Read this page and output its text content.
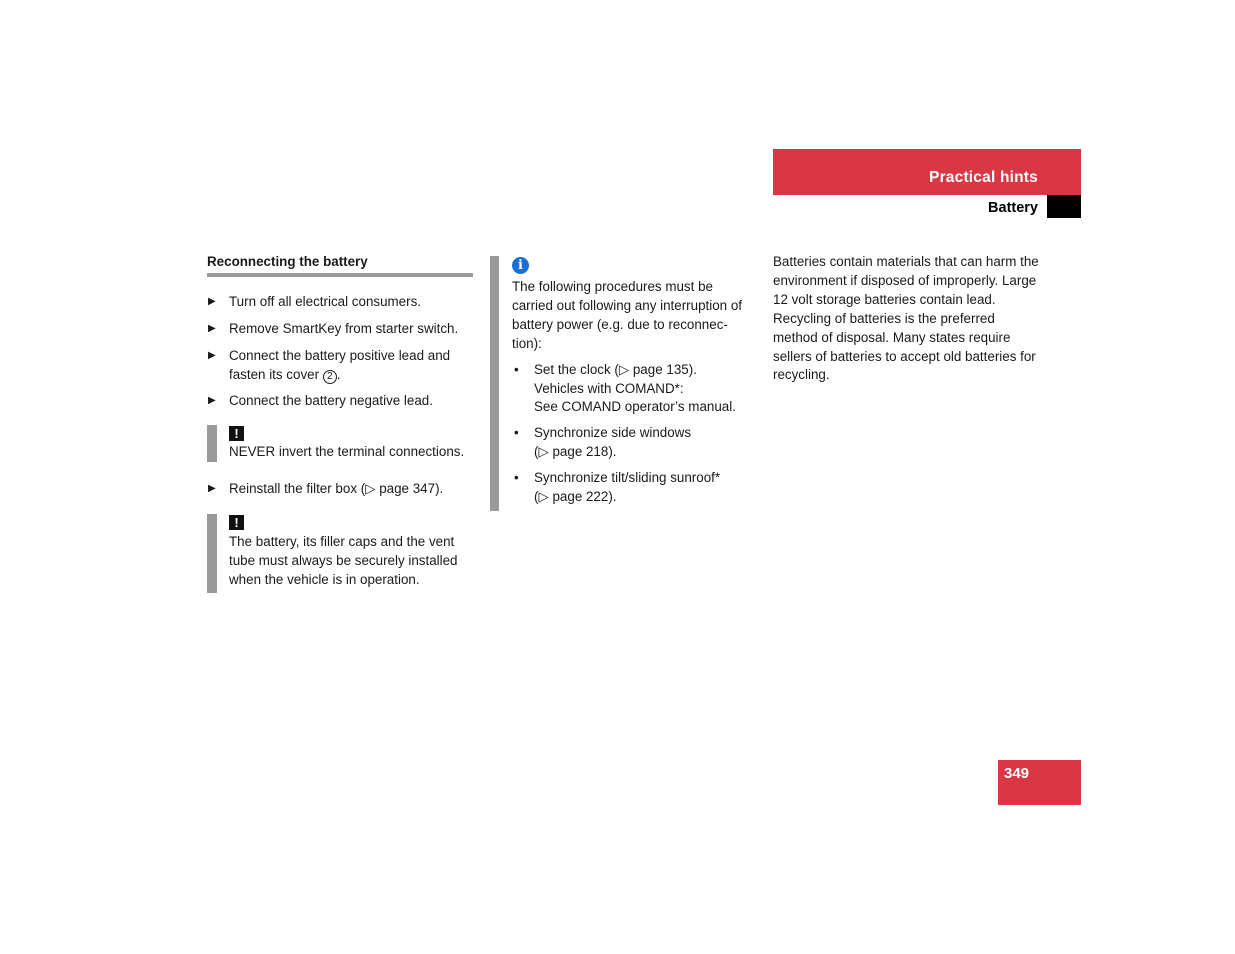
Practical hints
Battery
Reconnecting the battery
▶ Turn off all electrical consumers.
▶ Remove SmartKey from starter switch.
▶ Connect the battery positive lead and fasten its cover 2 .
▶ Connect the battery negative lead.
!
NEVER invert the terminal connections.
▶ Reinstall the filter box (▷ page 347).
!
The battery, its filler caps and the vent tube must always be securely installed when the vehicle is in operation.
i
The following procedures must be carried out following any interruption of battery power (e.g. due to reconnec-tion):
• Set the clock (▷ page 135).
Vehicles with COMAND*:
See COMAND operator’s manual.
• Synchronize side windows
(▷ page 218).
• Synchronize tilt/sliding sunroof*
(▷ page 222).
Batteries contain materials that can harm the environment if disposed of improperly. Large 12 volt storage batteries contain lead. Recycling of batteries is the preferred method of disposal. Many states require sellers of batteries to accept old batteries for recycling.
349
